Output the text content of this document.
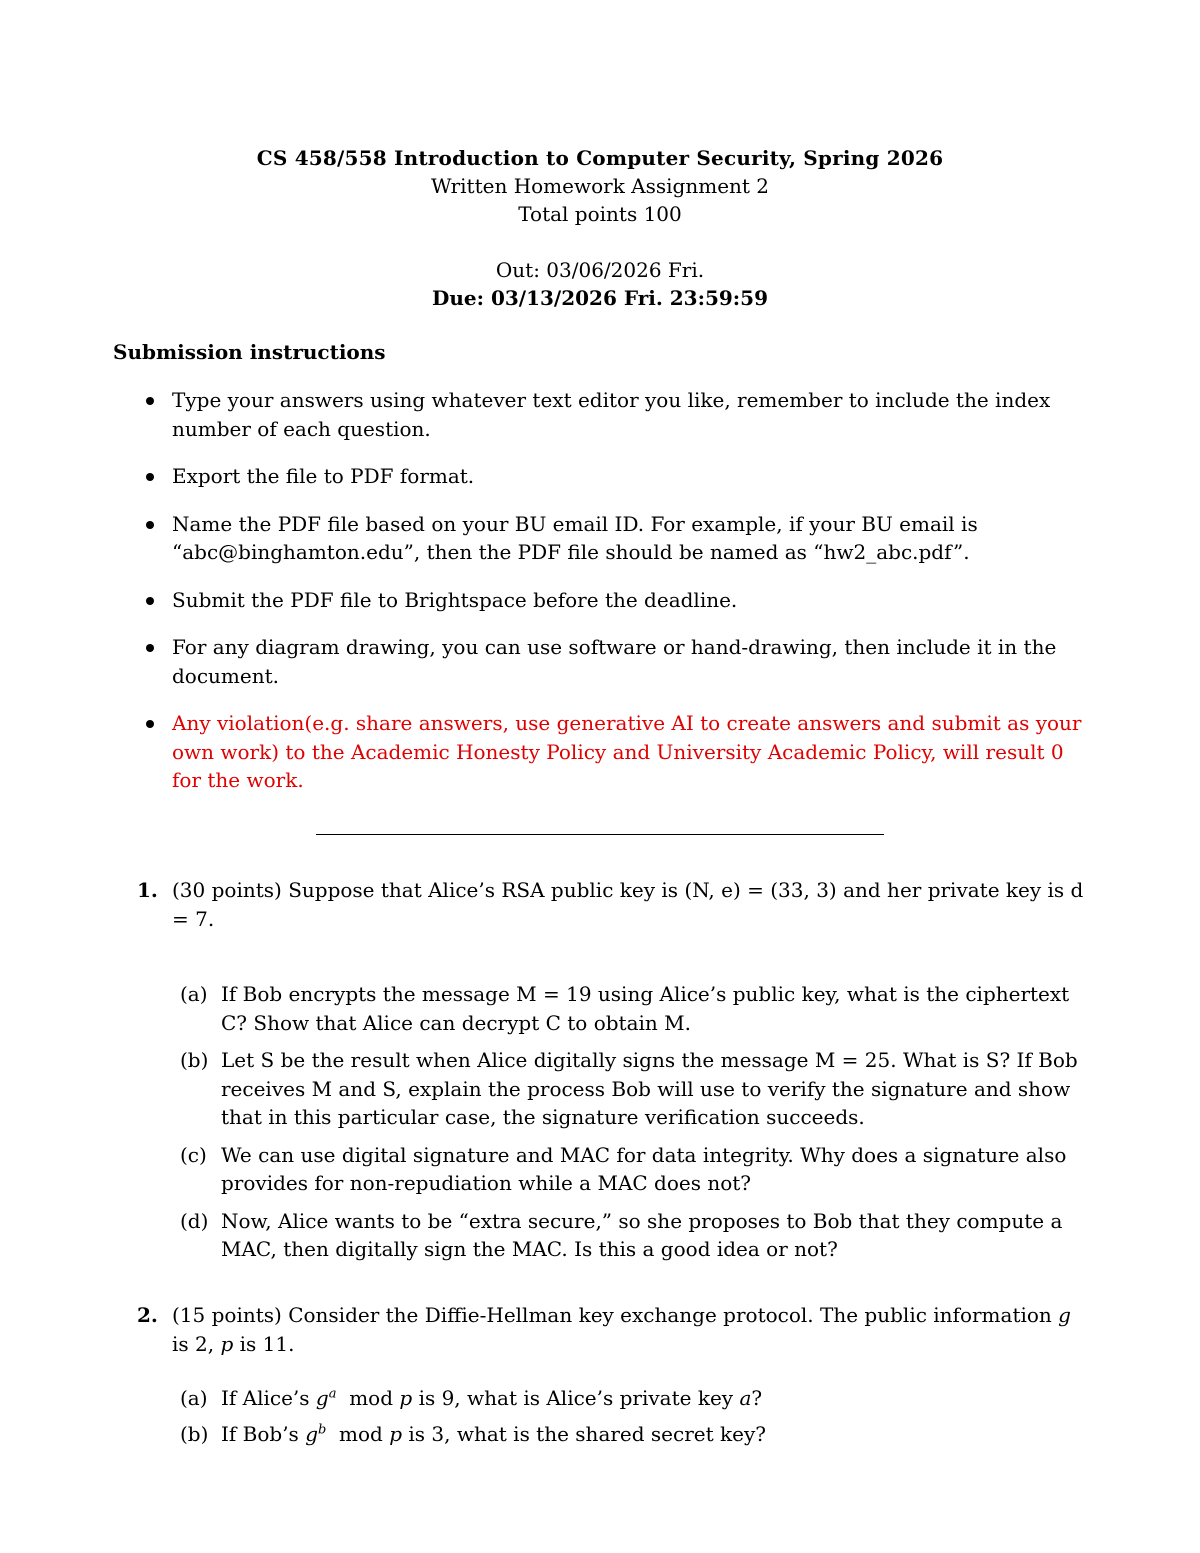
CS 458/558 Introduction to Computer Security, Spring 2026
Written Homework Assignment 2
Total points 100
Out: 03/06/2026 Fri.
Due: 03/13/2026 Fri. 23:59:59
Submission instructions
Type your answers using whatever text editor you like, remember to include the index number of each question.
Export the file to PDF format.
Name the PDF file based on your BU email ID. For example, if your BU email is “abc@binghamton.edu”, then the PDF file should be named as “hw2_abc.pdf”.
Submit the PDF file to Brightspace before the deadline.
For any diagram drawing, you can use software or hand-drawing, then include it in the document.
Any violation(e.g. share answers, use generative AI to create answers and submit as your own work) to the Academic Honesty Policy and University Academic Policy, will result 0 for the work.
1. (30 points) Suppose that Alice’s RSA public key is (N, e) = (33, 3) and her private key is d = 7.
(a) If Bob encrypts the message M = 19 using Alice’s public key, what is the ciphertext C? Show that Alice can decrypt C to obtain M.
(b) Let S be the result when Alice digitally signs the message M = 25. What is S? If Bob receives M and S, explain the process Bob will use to verify the signature and show that in this particular case, the signature verification succeeds.
(c) We can use digital signature and MAC for data integrity. Why does a signature also provides for non-repudiation while a MAC does not?
(d) Now, Alice wants to be “extra secure,” so she proposes to Bob that they compute a MAC, then digitally sign the MAC. Is this a good idea or not?
2. (15 points) Consider the Diffie-Hellman key exchange protocol. The public information g is 2, p is 11.
(a) If Alice’s $g^a$ mod p is 9, what is Alice’s private key a?
(b) If Bob’s $g^b$ mod p is 3, what is the shared secret key?
